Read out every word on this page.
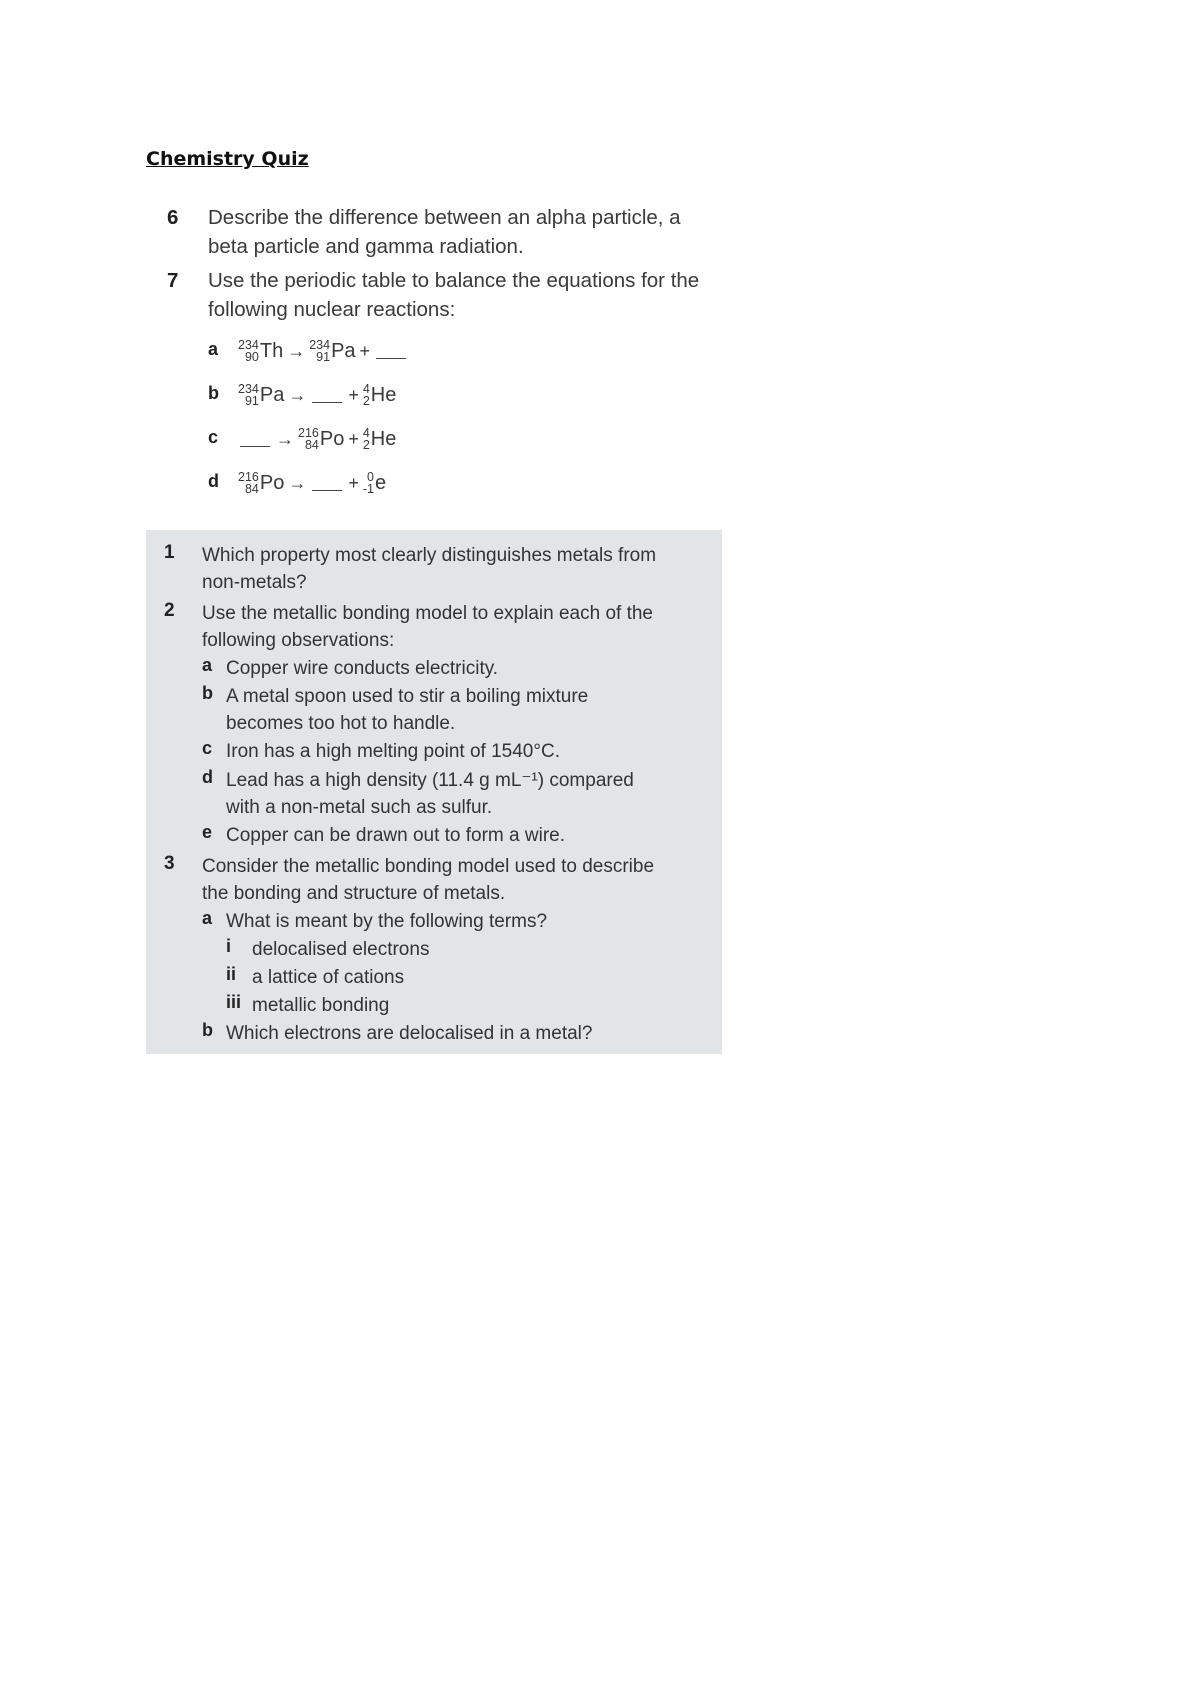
Chemistry Quiz
6 Describe the difference between an alpha particle, a
beta particle and gamma radiation.
7 Use the periodic table to balance the equations for the
following nuclear reactions:
a 234
90 Th → 234
91 Pa +
b 234
91 Pa → + 4
2 He
c	→ 216
84 Po + 4
2 He
d 216
84 Po → + 0
-1 e
1 Which property most clearly distinguishes metals from
non-metals?
2 Use the metallic bonding model to explain each of the
following observations:
a Copper wire conducts electricity.
b A metal spoon used to stir a boiling mixture
becomes too hot to handle.
c Iron has a high melting point of 1540°C.
d Lead has a high density (11.4 g mL⁻¹) compared
with a non-metal such as sulfur.
e Copper can be drawn out to form a wire.
3 Consider the metallic bonding model used to describe
the bonding and structure of metals.
a What is meant by the following terms?
i delocalised electrons
ii a lattice of cations
iii metallic bonding
b Which electrons are delocalised in a metal?
